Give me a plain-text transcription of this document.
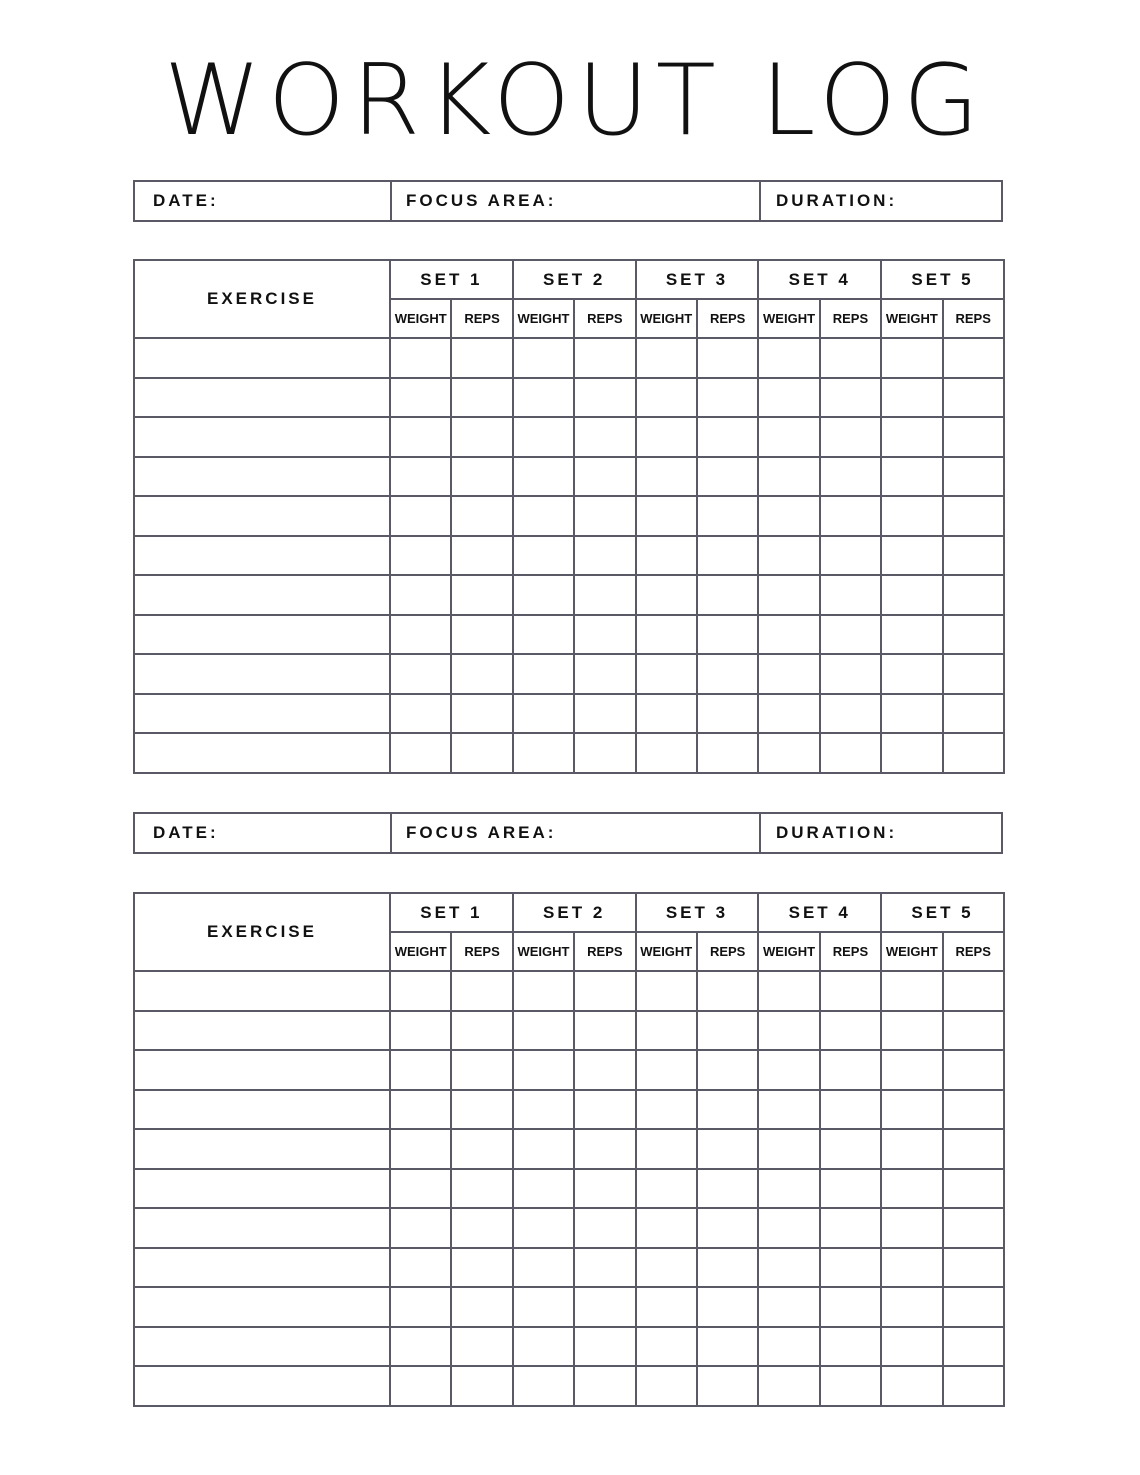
WORKOUT LOG
DATE:	FOCUS AREA:	DURATION:
EXERCISE	SET 1		SET 2		SET 3		SET 4		SET 5	
	WEIGHT	REPS	WEIGHT	REPS	WEIGHT	REPS	WEIGHT	REPS	WEIGHT	REPS

DATE:	FOCUS AREA:	DURATION:
EXERCISE	SET 1		SET 2		SET 3		SET 4		SET 5	
	WEIGHT	REPS	WEIGHT	REPS	WEIGHT	REPS	WEIGHT	REPS	WEIGHT	REPS
